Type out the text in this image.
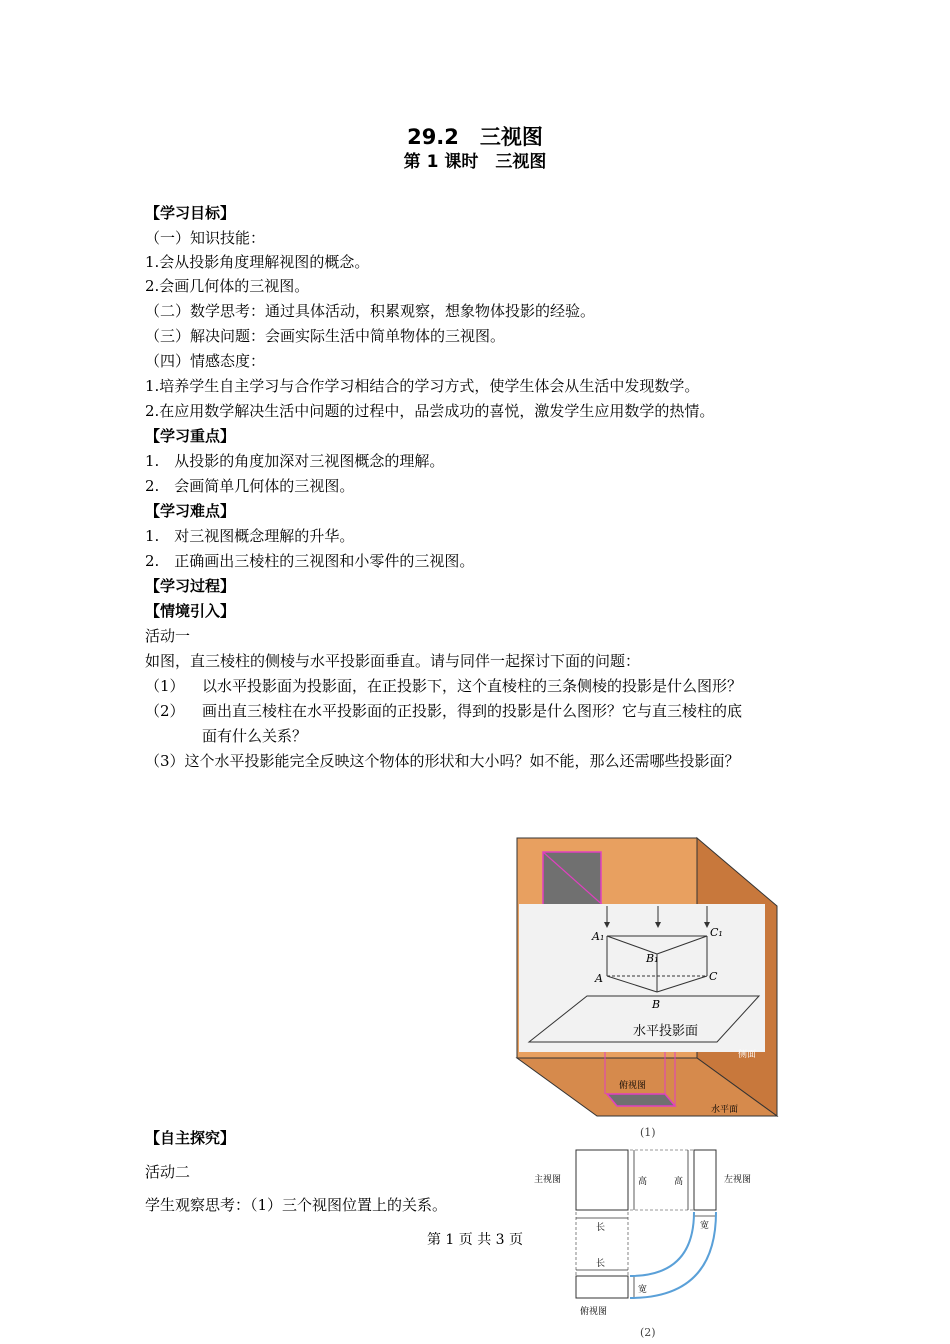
29.2　三视图
第 1 课时　三视图
【学习目标】
（一）知识技能：
1.会从投影角度理解视图的概念。
2.会画几何体的三视图。
（二）数学思考：通过具体活动，积累观察，想象物体投影的经验。
（三）解决问题：会画实际生活中简单物体的三视图。
（四）情感态度：
1.培养学生自主学习与合作学习相结合的学习方式，使学生体会从生活中发现数学。
2.在应用数学解决生活中问题的过程中，品尝成功的喜悦，激发学生应用数学的热情。
【学习重点】
1.　从投影的角度加深对三视图概念的理解。
2.　会画简单几何体的三视图。
【学习难点】
1.　对三视图概念理解的升华。
2.　正确画出三棱柱的三视图和小零件的三视图。
【学习过程】
【情境引入】
活动一
如图，直三棱柱的侧棱与水平投影面垂直。请与同伴一起探讨下面的问题：
（1） 以水平投影面为投影面，在正投影下，这个直棱柱的三条侧棱的投影是什么图形？
（2） 画出直三棱柱在水平投影面的正投影，得到的投影是什么图形？它与直三棱柱的底
面有什么关系？
（3）这个水平投影能完全反映这个物体的形状和大小吗？如不能，那么还需哪些投影面？
A₁	C₁
B₁
A	C
B
水平投影面
侧面
俯视图
水平面
(1)
主视图	左视图
俯视图
高	高
长
长
宽
宽
(2)
【自主探究】
活动二
学生观察思考：（1）三个视图位置上的关系。
第 1 页 共 3 页
